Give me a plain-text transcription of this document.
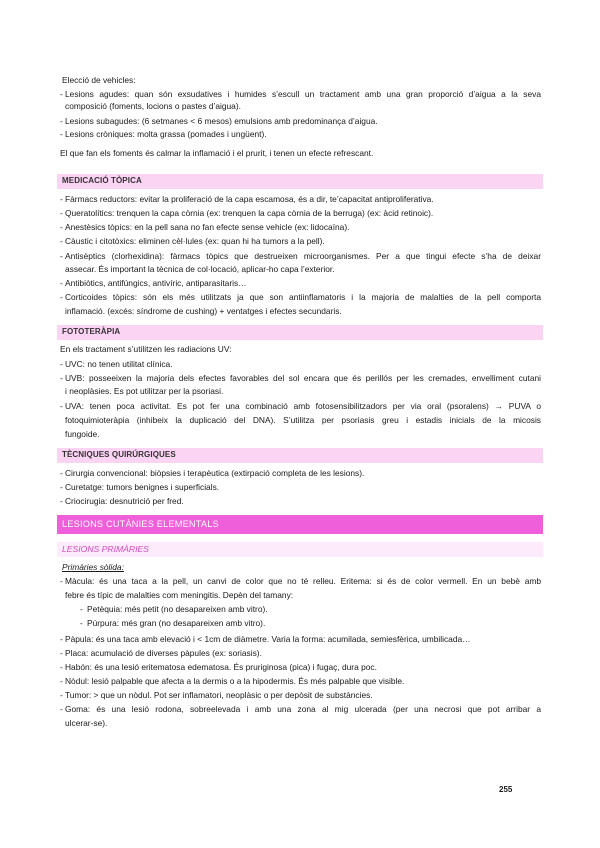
Elecció de vehicles:
- Lesions agudes: quan són exsudatives i humides s’escull un tractament amb una gran proporció d’aigua a la seva
composició (foments, locions o pastes d’aigua).
- Lesions subagudes: (6 setmanes < 6 mesos) emulsions amb predominança d’aigua.
- Lesions cròniques: molta grassa (pomades i ungüent).
El que fan els foments és calmar la inflamació i el prurit, i tenen un efecte refrescant.
MEDICACIÓ TÒPICA
- Fàrmacs reductors: evitar la proliferació de la capa escamosa, és a dir, te’capacitat antiproliferativa.
- Queratolítics: trenquen la capa còrnia (ex: trenquen la capa còrnia de la berruga) (ex: àcid retinoic).
- Anestèsics tòpics: en la pell sana no fan efecte sense vehicle (ex: lidocaïna).
- Càustic i citotòxics: eliminen cèl·lules (ex: quan hi ha tumors a la pell).
- Antisèptics (clorhexidina): fàrmacs tòpics que destrueixen microorganismes. Per a que tingui efecte s’ha de deixar
assecar. És important la tècnica de col·locació, aplicar-ho capa l’exterior.
- Antibiòtics, antifúngics, antivíric, antiparasitaris…
- Corticoides tòpics: són els més utilitzats ja que son antiinflamatoris i la majoria de malalties de la pell comporta
inflamació. (excés: síndrome de cushing) + ventatges i efectes secundaris.
FOTOTERÀPIA
En els tractament s’utilitzen les radiacions UV:
- UVC: no tenen utilitat clínica.
- UVB: posseeixen la majoria dels efectes favorables del sol encara que és perillós per les cremades, envelliment cutani
i neoplàsies. Es pot utilitzar per la psoriasi.
- UVA: tenen poca activitat. Es pot fer una combinació amb fotosensibilitzadors per via oral (psoralens) → PUVA o
fotoquimioteràpia (inhibeix la duplicació del DNA). S’utilitza per psoriasis greu i estadis inicials de la micosis
fungoide.
TÈCNIQUES QUIRÚRGIQUES
- Cirurgia convencional: biòpsies i terapèutica (extirpació completa de les lesions).
- Curetatge: tumors benignes i superficials.
- Criocirugia: desnutrició per fred.
LESIONS CUTÀNIES ELEMENTALS
LESIONS PRIMÀRIES
Primàries sòlida:
- Màcula: és una taca a la pell, un canvi de color que no té relleu. Eritema: si és de color vermell. En un bebè amb
febre és típic de malalties com meningitis. Depèn del tamany:
- Petèquia: més petit (no desapareixen amb vitro).
- Púrpura: més gran (no desapareixen amb vitro).
- Pàpula: és una taca amb elevació i < 1cm de diàmetre. Varia la forma: acumilada, semiesfèrica, umbilicada…
- Placa: acumulació de diverses pàpules (ex: soriasis).
- Habón: és una lesió eritematosa edematosa. És pruriginosa (pica) i fugaç, dura poc.
- Nòdul: lesió palpable que afecta a la dermis o a la hipodermis. És més palpable que visible.
- Tumor: > que un nòdul. Pot ser inflamatori, neoplàsic o per depòsit de substàncies.
- Goma: és una lesió rodona, sobreelevada i amb una zona al mig ulcerada (per una necrosi que pot arribar a
ulcerar-se).
255
